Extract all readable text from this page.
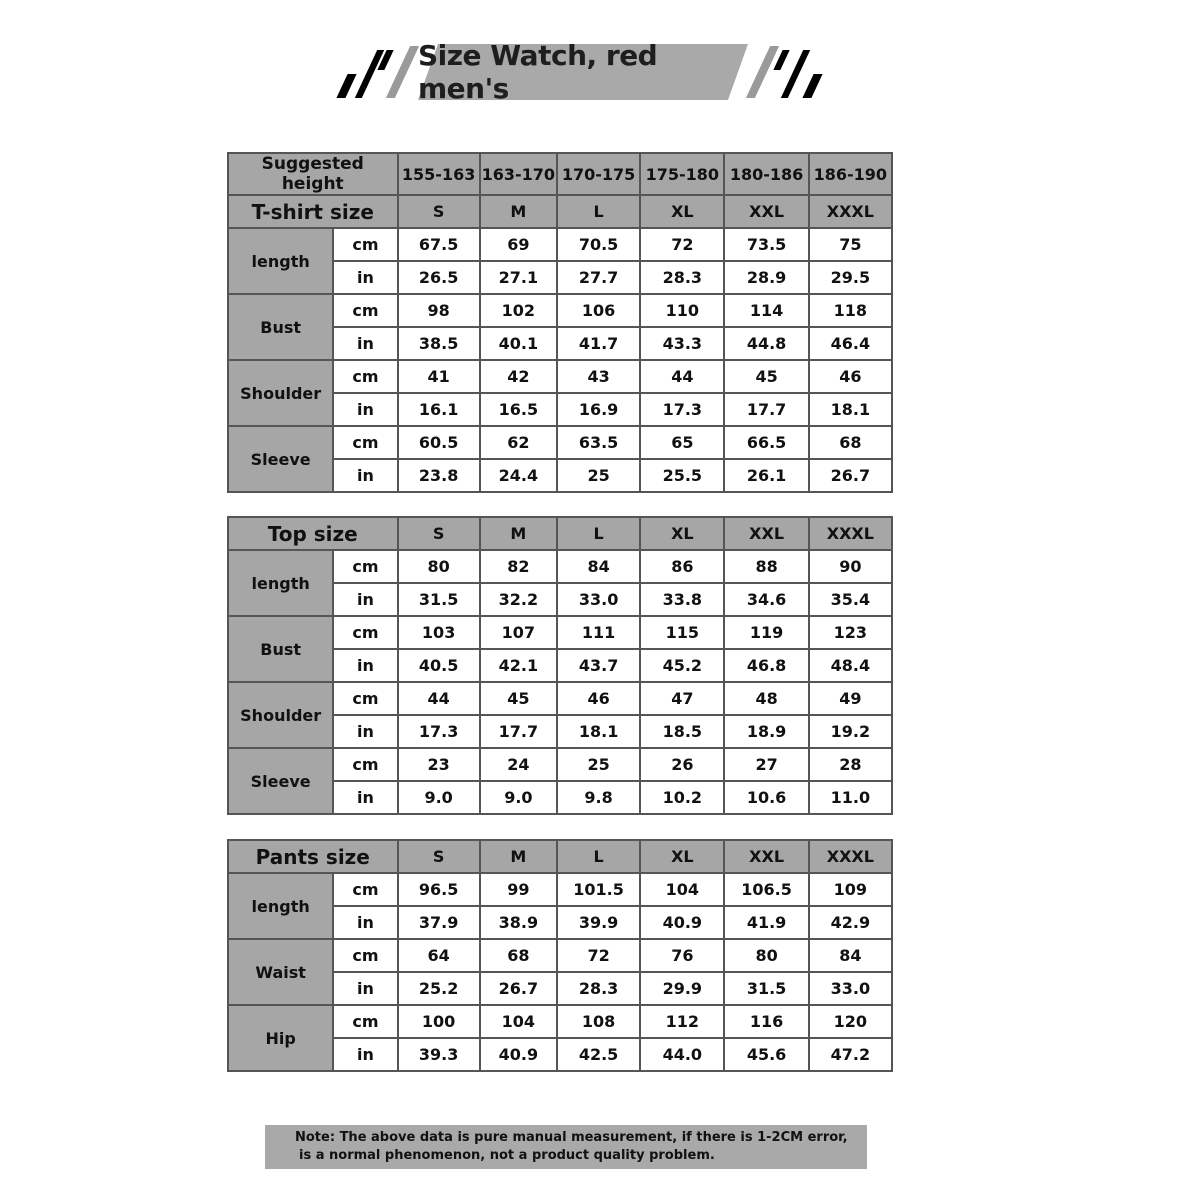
Size Watch, red men's
Suggested height		155-163	163-170	170-175	175-180	180-186	186-190
T-shirt size		S	M	L	XL	XXL	XXXL
length	cm	67.5	69	70.5	72	73.5	75
	in	26.5	27.1	27.7	28.3	28.9	29.5
Bust	cm	98	102	106	110	114	118
	in	38.5	40.1	41.7	43.3	44.8	46.4
Shoulder	cm	41	42	43	44	45	46
	in	16.1	16.5	16.9	17.3	17.7	18.1
Sleeve	cm	60.5	62	63.5	65	66.5	68
	in	23.8	24.4	25	25.5	26.1	26.7
Top size		S	M	L	XL	XXL	XXXL
length	cm	80	82	84	86	88	90
	in	31.5	32.2	33.0	33.8	34.6	35.4
Bust	cm	103	107	111	115	119	123
	in	40.5	42.1	43.7	45.2	46.8	48.4
Shoulder	cm	44	45	46	47	48	49
	in	17.3	17.7	18.1	18.5	18.9	19.2
Sleeve	cm	23	24	25	26	27	28
	in	9.0	9.0	9.8	10.2	10.6	11.0
Pants size		S	M	L	XL	XXL	XXXL
length	cm	96.5	99	101.5	104	106.5	109
	in	37.9	38.9	39.9	40.9	41.9	42.9
Waist	cm	64	68	72	76	80	84
	in	25.2	26.7	28.3	29.9	31.5	33.0
Hip	cm	100	104	108	112	116	120
	in	39.3	40.9	42.5	44.0	45.6	47.2
Note: The above data is pure manual measurement, if there is 1-2CM error,
is a normal phenomenon, not a product quality problem.
